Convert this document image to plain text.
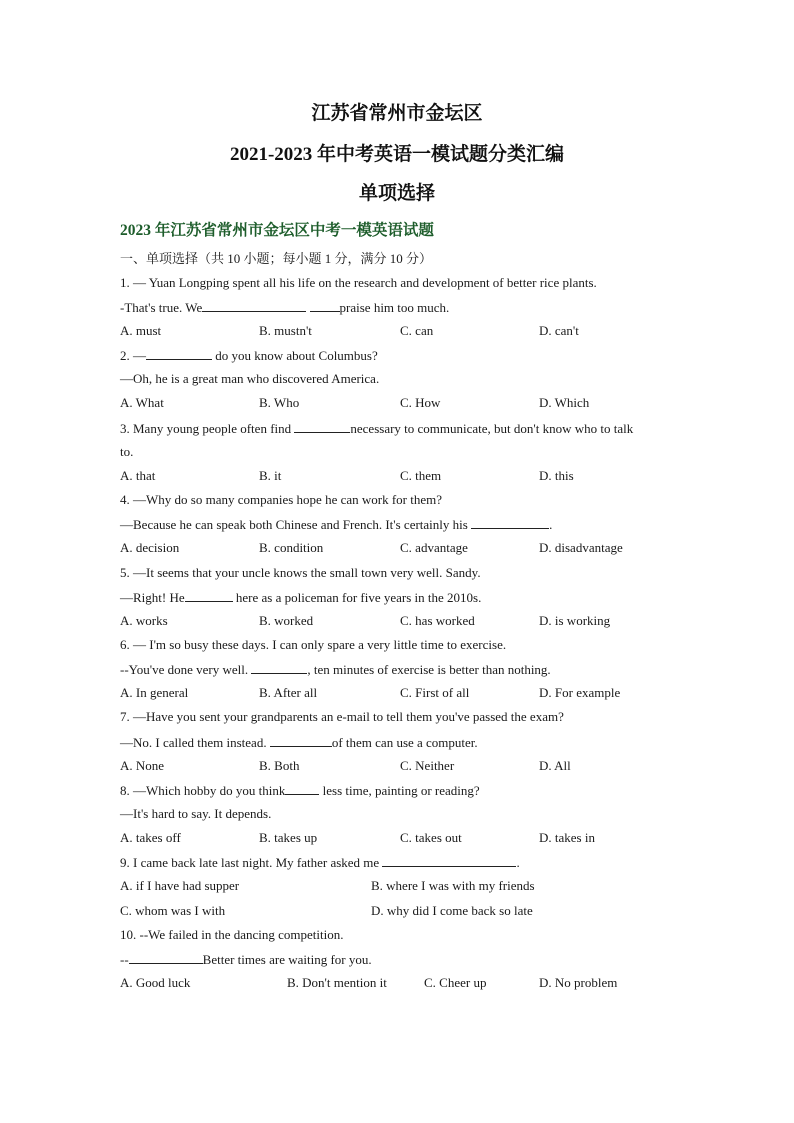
江苏省常州市金坛区
2021-2023 年中考英语一模试题分类汇编
单项选择
2023 年江苏省常州市金坛区中考一模英语试题
一、单项选择（共 10 小题；每小题 1 分，满分 10 分）
1. — Yuan Longping spent all his life on the research and development of better rice plants.
-That's true. We	praise him too much.
A. must	B. mustn't	C. can	D. can't
2. —	do you know about Columbus?
—Oh, he is a great man who discovered America.
A. What	B. Who	C. How	D. Which
3. Many young people often find	necessary to communicate, but don't know who to talk
to.
A. that	B. it	C. them	D. this
4. —Why do so many companies hope he can work for them?
—Because he can speak both Chinese and French. It's certainly his	.
A. decision	B. condition	C. advantage	D. disadvantage
5. —It seems that your uncle knows the small town very well. Sandy.
—Right! He	here as a policeman for five years in the 2010s.
A. works	B. worked	C. has worked	D. is working
6. — I'm so busy these days. I can only spare a very little time to exercise.
--You've done very well.	, ten minutes of exercise is better than nothing.
A. In general	B. After all	C. First of all	D. For example
7. —Have you sent your grandparents an e-mail to tell them you've passed the exam?
—No. I called them instead.	of them can use a computer.
A. None	B. Both	C. Neither	D. All
8. —Which hobby do you think	less time, painting or reading?
—It's hard to say. It depends.
A. takes off	B. takes up	C. takes out	D. takes in
9. I came back late last night. My father asked me	.
A. if I have had supper	B. where I was with my friends
C. whom was I with	D. why did I come back so late
10. --We failed in the dancing competition.
--	Better times are waiting for you.
A. Good luck	B. Don't mention it	C. Cheer up	D. No problem
